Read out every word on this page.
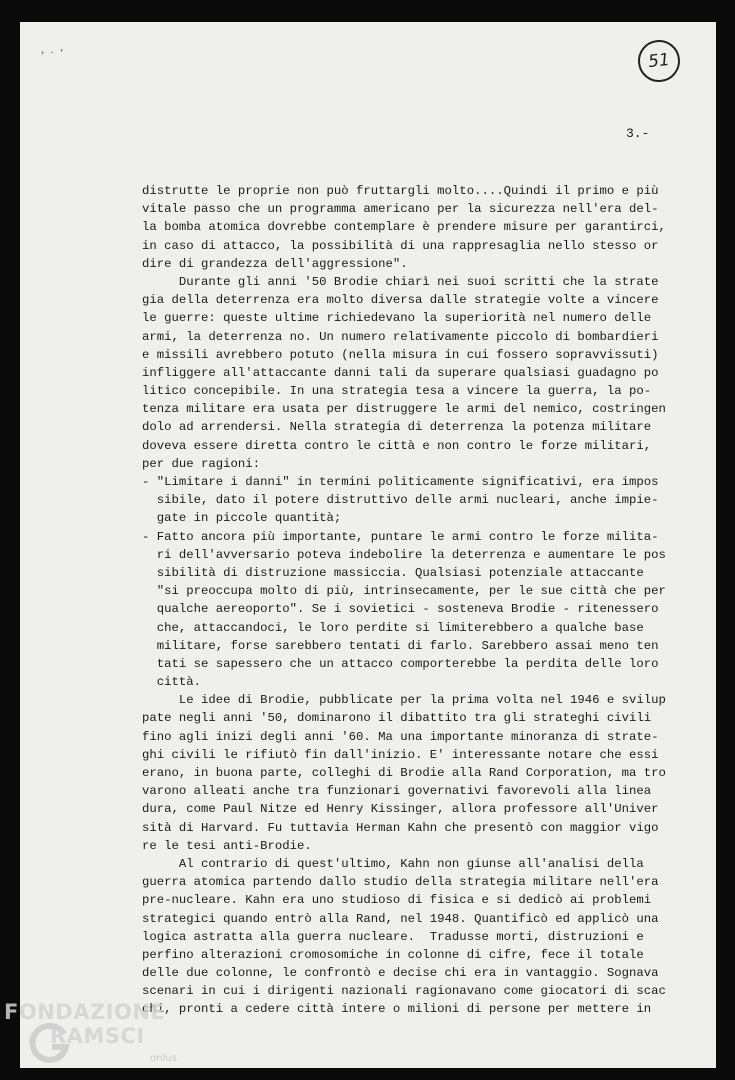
› · ‘	51
3.-
distrutte le proprie non può fruttargli molto....Quindi il primo e più
vitale passo che un programma americano per la sicurezza nell'era del-
la bomba atomica dovrebbe contemplare è prendere misure per garantirci,
in caso di attacco, la possibilità di una rappresaglia nello stesso or
dire di grandezza dell'aggressione".
Durante gli anni '50 Brodie chiarì nei suoi scritti che la strate
gia della deterrenza era molto diversa dalle strategie volte a vincere
le guerre: queste ultime richiedevano la superiorità nel numero delle
armi, la deterrenza no. Un numero relativamente piccolo di bombardieri
e missili avrebbero potuto (nella misura in cui fossero sopravvissuti)
infliggere all'attaccante danni tali da superare qualsiasi guadagno po
litico concepibile. In una strategia tesa a vincere la guerra, la po-
tenza militare era usata per distruggere le armi del nemico, costringen
dolo ad arrendersi. Nella strategia di deterrenza la potenza militare
doveva essere diretta contro le città e non contro le forze militari,
per due ragioni:
- "Limitare i danni" in termini politicamente significativi, era impos
sibile, dato il potere distruttivo delle armi nucleari, anche impie-
gate in piccole quantità;
- Fatto ancora più importante, puntare le armi contro le forze milita-
ri dell'avversario poteva indebolire la deterrenza e aumentare le pos
sibilità di distruzione massiccia. Qualsiasi potenziale attaccante
"si preoccupa molto di più, intrinsecamente, per le sue città che per
qualche aereoporto". Se i sovietici - sosteneva Brodie - ritenessero
che, attaccandoci, le loro perdite si limiterebbero a qualche base
militare, forse sarebbero tentati di farlo. Sarebbero assai meno ten
tati se sapessero che un attacco comporterebbe la perdita delle loro
città.
Le idee di Brodie, pubblicate per la prima volta nel 1946 e svilup
pate negli anni '50, dominarono il dibattito tra gli strateghi civili
fino agli inizi degli anni '60. Ma una importante minoranza di strate-
ghi civili le rifiutò fin dall'inizio. E' interessante notare che essi
erano, in buona parte, colleghi di Brodie alla Rand Corporation, ma tro
varono alleati anche tra funzionari governativi favorevoli alla linea
dura, come Paul Nitze ed Henry Kissinger, allora professore all'Univer
sità di Harvard. Fu tuttavia Herman Kahn che presentò con maggior vigo
re le tesi anti-Brodie.
Al contrario di quest'ultimo, Kahn non giunse all'analisi della
guerra atomica partendo dallo studio della strategia militare nell'era
pre-nucleare. Kahn era uno studioso di fisica e si dedicò ai problemi
strategici quando entrò alla Rand, nel 1948. Quantificò ed applicò una
logica astratta alla guerra nucleare.  Tradusse morti, distruzioni e
perfino alterazioni cromosomiche in colonne di cifre, fece il totale
delle due colonne, le confrontò e decise chi era in vantaggio. Sognava
scenari in cui i dirigenti nazionali ragionavano come giocatori di scac
chi, pronti a cedere città intere o milioni di persone per mettere in
FONDAZIONE
RAMSCI
onlus
